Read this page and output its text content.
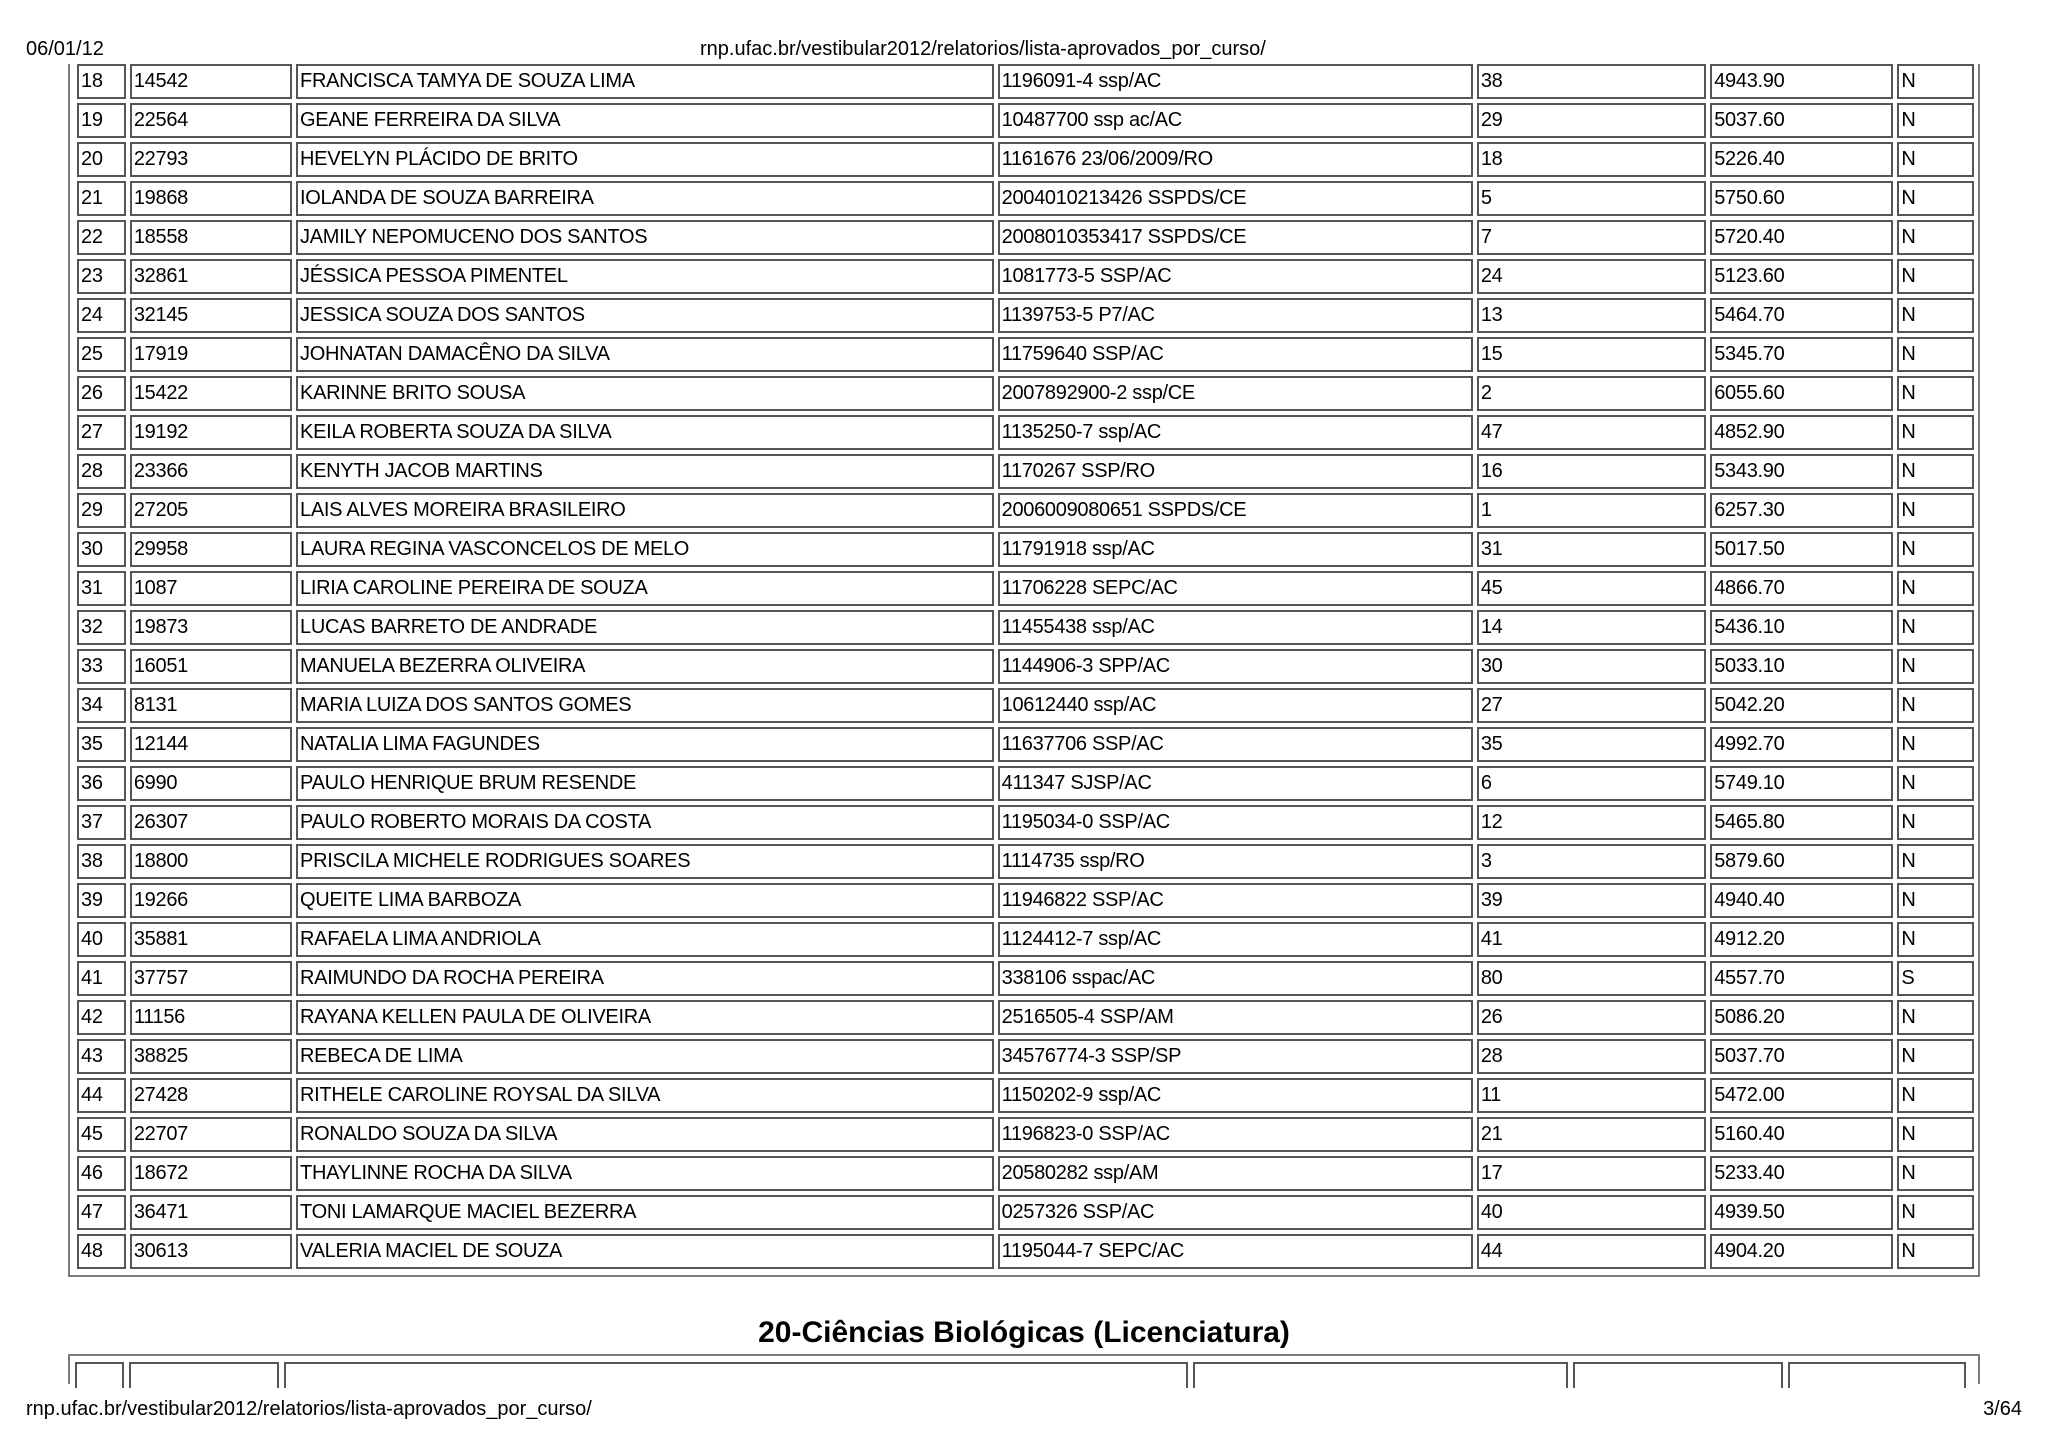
06/01/12	rnp.ufac.br/vestibular2012/relatorios/lista-aprovados_por_curso/
18	14542	FRANCISCA TAMYA DE SOUZA LIMA	1196091-4 ssp/AC	38	4943.90	N
19	22564	GEANE FERREIRA DA SILVA	10487700 ssp ac/AC	29	5037.60	N
20	22793	HEVELYN PLÁCIDO DE BRITO	1161676 23/06/2009/RO	18	5226.40	N
21	19868	IOLANDA DE SOUZA BARREIRA	2004010213426 SSPDS/CE	5	5750.60	N
22	18558	JAMILY NEPOMUCENO DOS SANTOS	2008010353417 SSPDS/CE	7	5720.40	N
23	32861	JÉSSICA PESSOA PIMENTEL	1081773-5 SSP/AC	24	5123.60	N
24	32145	JESSICA SOUZA DOS SANTOS	1139753-5 P7/AC	13	5464.70	N
25	17919	JOHNATAN DAMACÊNO DA SILVA	11759640 SSP/AC	15	5345.70	N
26	15422	KARINNE BRITO SOUSA	2007892900-2 ssp/CE	2	6055.60	N
27	19192	KEILA ROBERTA SOUZA DA SILVA	1135250-7 ssp/AC	47	4852.90	N
28	23366	KENYTH JACOB MARTINS	1170267 SSP/RO	16	5343.90	N
29	27205	LAIS ALVES MOREIRA BRASILEIRO	2006009080651 SSPDS/CE	1	6257.30	N
30	29958	LAURA REGINA VASCONCELOS DE MELO	11791918 ssp/AC	31	5017.50	N
31	1087	LIRIA CAROLINE PEREIRA DE SOUZA	11706228 SEPC/AC	45	4866.70	N
32	19873	LUCAS BARRETO DE ANDRADE	11455438 ssp/AC	14	5436.10	N
33	16051	MANUELA BEZERRA OLIVEIRA	1144906-3 SPP/AC	30	5033.10	N
34	8131	MARIA LUIZA DOS SANTOS GOMES	10612440 ssp/AC	27	5042.20	N
35	12144	NATALIA LIMA FAGUNDES	11637706 SSP/AC	35	4992.70	N
36	6990	PAULO HENRIQUE BRUM RESENDE	411347 SJSP/AC	6	5749.10	N
37	26307	PAULO ROBERTO MORAIS DA COSTA	1195034-0 SSP/AC	12	5465.80	N
38	18800	PRISCILA MICHELE RODRIGUES SOARES	1114735 ssp/RO	3	5879.60	N
39	19266	QUEITE LIMA BARBOZA	11946822 SSP/AC	39	4940.40	N
40	35881	RAFAELA LIMA ANDRIOLA	1124412-7 ssp/AC	41	4912.20	N
41	37757	RAIMUNDO DA ROCHA PEREIRA	338106 sspac/AC	80	4557.70	S
42	11156	RAYANA KELLEN PAULA DE OLIVEIRA	2516505-4 SSP/AM	26	5086.20	N
43	38825	REBECA DE LIMA	34576774-3 SSP/SP	28	5037.70	N
44	27428	RITHELE CAROLINE ROYSAL DA SILVA	1150202-9 ssp/AC	11	5472.00	N
45	22707	RONALDO SOUZA DA SILVA	1196823-0 SSP/AC	21	5160.40	N
46	18672	THAYLINNE ROCHA DA SILVA	20580282 ssp/AM	17	5233.40	N
47	36471	TONI LAMARQUE MACIEL BEZERRA	0257326 SSP/AC	40	4939.50	N
48	30613	VALERIA MACIEL DE SOUZA	1195044-7 SEPC/AC	44	4904.20	N
20-Ciências Biológicas (Licenciatura)
rnp.ufac.br/vestibular2012/relatorios/lista-aprovados_por_curso/	3/64
